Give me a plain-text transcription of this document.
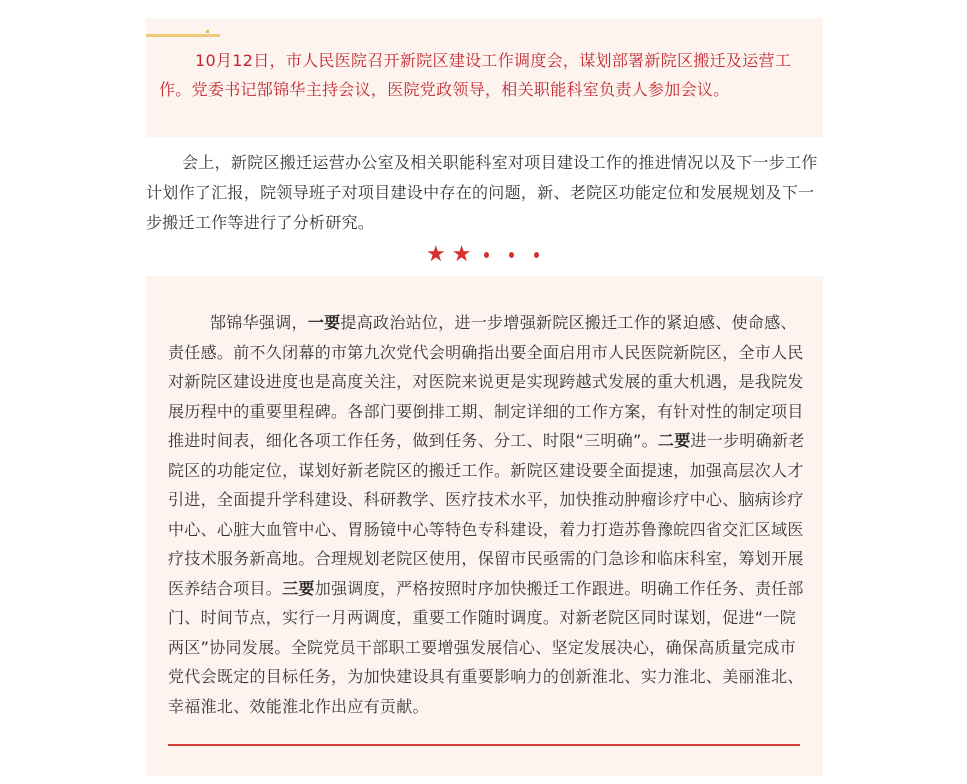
10月12日，市人民医院召开新院区建设工作调度会，谋划部署新院区搬迁及运营工作。党委书记郜锦华主持会议，医院党政领导，相关职能科室负责人参加会议。

会上，新院区搬迁运营办公室及相关职能科室对项目建设工作的推进情况以及下一步工作计划作了汇报，院领导班子对项目建设中存在的问题，新、老院区功能定位和发展规划及下一步搬迁工作等进行了分析研究。

★ ★

郜锦华强调，一要提高政治站位，进一步增强新院区搬迁工作的紧迫感、使命感、责任感。前不久闭幕的市第九次党代会明确指出要全面启用市人民医院新院区，全市人民对新院区建设进度也是高度关注，对医院来说更是实现跨越式发展的重大机遇，是我院发展历程中的重要里程碑。各部门要倒排工期、制定详细的工作方案，有针对性的制定项目推进时间表，细化各项工作任务，做到任务、分工、时限“三明确”。二要进一步明确新老院区的功能定位，谋划好新老院区的搬迁工作。新院区建设要全面提速，加强高层次人才引进，全面提升学科建设、科研教学、医疗技术水平，加快推动肿瘤诊疗中心、脑病诊疗中心、心脏大血管中心、胃肠镜中心等特色专科建设，着力打造苏鲁豫皖四省交汇区域医疗技术服务新高地。合理规划老院区使用，保留市民亟需的门急诊和临床科室，筹划开展医养结合项目。三要加强调度，严格按照时序加快搬迁工作跟进。明确工作任务、责任部门、时间节点，实行一月两调度，重要工作随时调度。对新老院区同时谋划，促进“一院两区”协同发展。全院党员干部职工要增强发展信心、坚定发展决心，确保高质量完成市党代会既定的目标任务，为加快建设具有重要影响力的创新淮北、实力淮北、美丽淮北、幸福淮北、效能淮北作出应有贡献。
